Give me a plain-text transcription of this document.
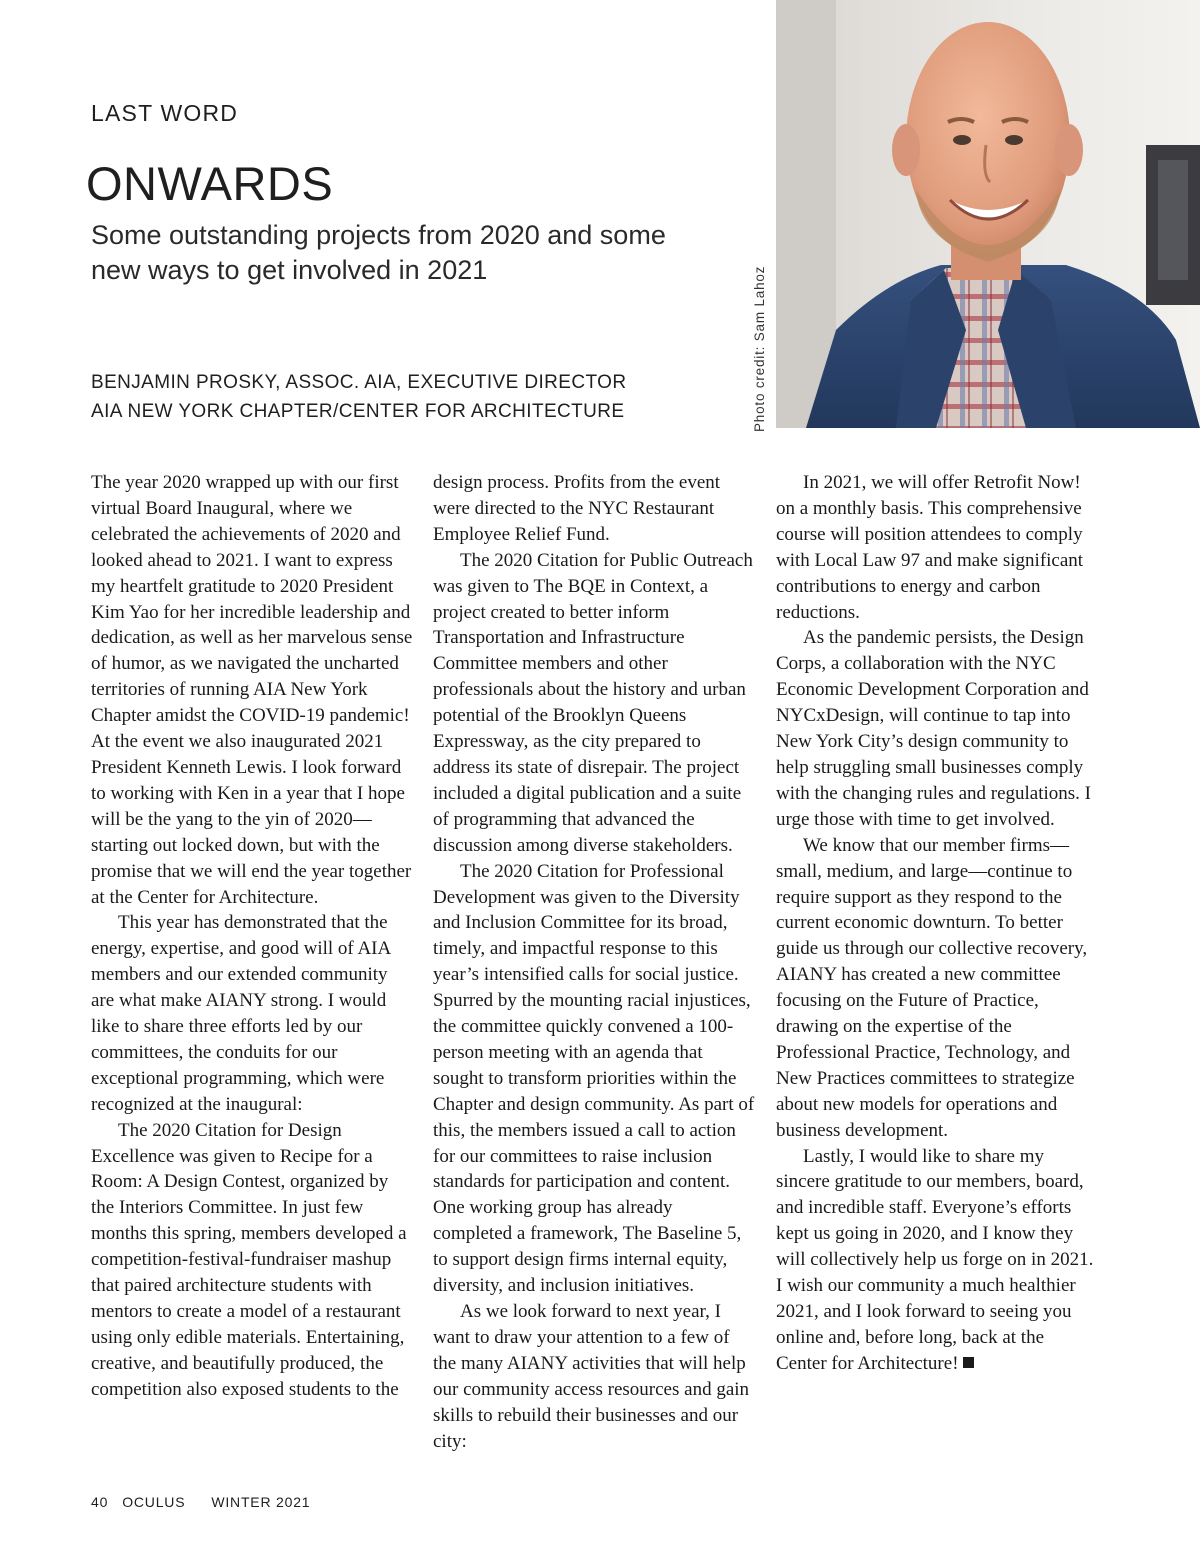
LAST WORD
ONWARDS
Some outstanding projects from 2020 and some new ways to get involved in 2021
BENJAMIN PROSKY, ASSOC. AIA, EXECUTIVE DIRECTOR
AIA NEW YORK CHAPTER/CENTER FOR ARCHITECTURE	Photo credit: Sam Lahoz

The year 2020 wrapped up with our first virtual Board Inaugural, where we celebrated the achievements of 2020 and looked ahead to 2021. I want to express my heartfelt gratitude to 2020 President Kim Yao for her incredible leadership and dedication, as well as her marvelous sense of humor, as we navigated the uncharted territories of running AIA New York Chapter amidst the COVID-19 pandemic! At the event we also inaugurated 2021 President Kenneth Lewis. I look forward to working with Ken in a year that I hope will be the yang to the yin of 2020—starting out locked down, but with the promise that we will end the year together at the Center for Architecture.

This year has demonstrated that the energy, expertise, and good will of AIA members and our extended community are what make AIANY strong. I would like to share three efforts led by our committees, the conduits for our exceptional programming, which were recognized at the inaugural:

The 2020 Citation for Design Excellence was given to Recipe for a Room: A Design Contest, organized by the Interiors Committee. In just few months this spring, members developed a competition-festival-fundraiser mashup that paired architecture students with mentors to create a model of a restaurant using only edible materials. Entertaining, creative, and beautifully produced, the competition also exposed students to the

design process. Profits from the event were directed to the NYC Restaurant Employee Relief Fund.

The 2020 Citation for Public Outreach was given to The BQE in Context, a project created to better inform Transportation and Infrastructure Committee members and other professionals about the history and urban potential of the Brooklyn Queens Expressway, as the city prepared to address its state of disrepair. The project included a digital publication and a suite of programming that advanced the discussion among diverse stakeholders.

The 2020 Citation for Professional Development was given to the Diversity and Inclusion Committee for its broad, timely, and impactful response to this year’s intensified calls for social justice. Spurred by the mounting racial injustices, the committee quickly convened a 100-person meeting with an agenda that sought to transform priorities within the Chapter and design community. As part of this, the members issued a call to action for our committees to raise inclusion standards for participation and content. One working group has already completed a framework, The Baseline 5, to support design firms internal equity, diversity, and inclusion initiatives.

As we look forward to next year, I want to draw your attention to a few of the many AIANY activities that will help our community access resources and gain skills to rebuild their businesses and our city:

In 2021, we will offer Retrofit Now! on a monthly basis. This comprehensive course will position attendees to comply with Local Law 97 and make significant contributions to energy and carbon reductions.

As the pandemic persists, the Design Corps, a collaboration with the NYC Economic Development Corporation and NYCxDesign, will continue to tap into New York City’s design community to help struggling small businesses comply with the changing rules and regulations. I urge those with time to get involved.

We know that our member firms—small, medium, and large—continue to require support as they respond to the current economic downturn. To better guide us through our collective recovery, AIANY has created a new committee focusing on the Future of Practice, drawing on the expertise of the Professional Practice, Technology, and New Practices committees to strategize about new models for operations and business development.

Lastly, I would like to share my sincere gratitude to our members, board, and incredible staff. Everyone’s efforts kept us going in 2020, and I know they will collectively help us forge on in 2021. I wish our community a much healthier 2021, and I look forward to seeing you online and, before long, back at the Center for Architecture!

40 OCULUS WINTER 2021
